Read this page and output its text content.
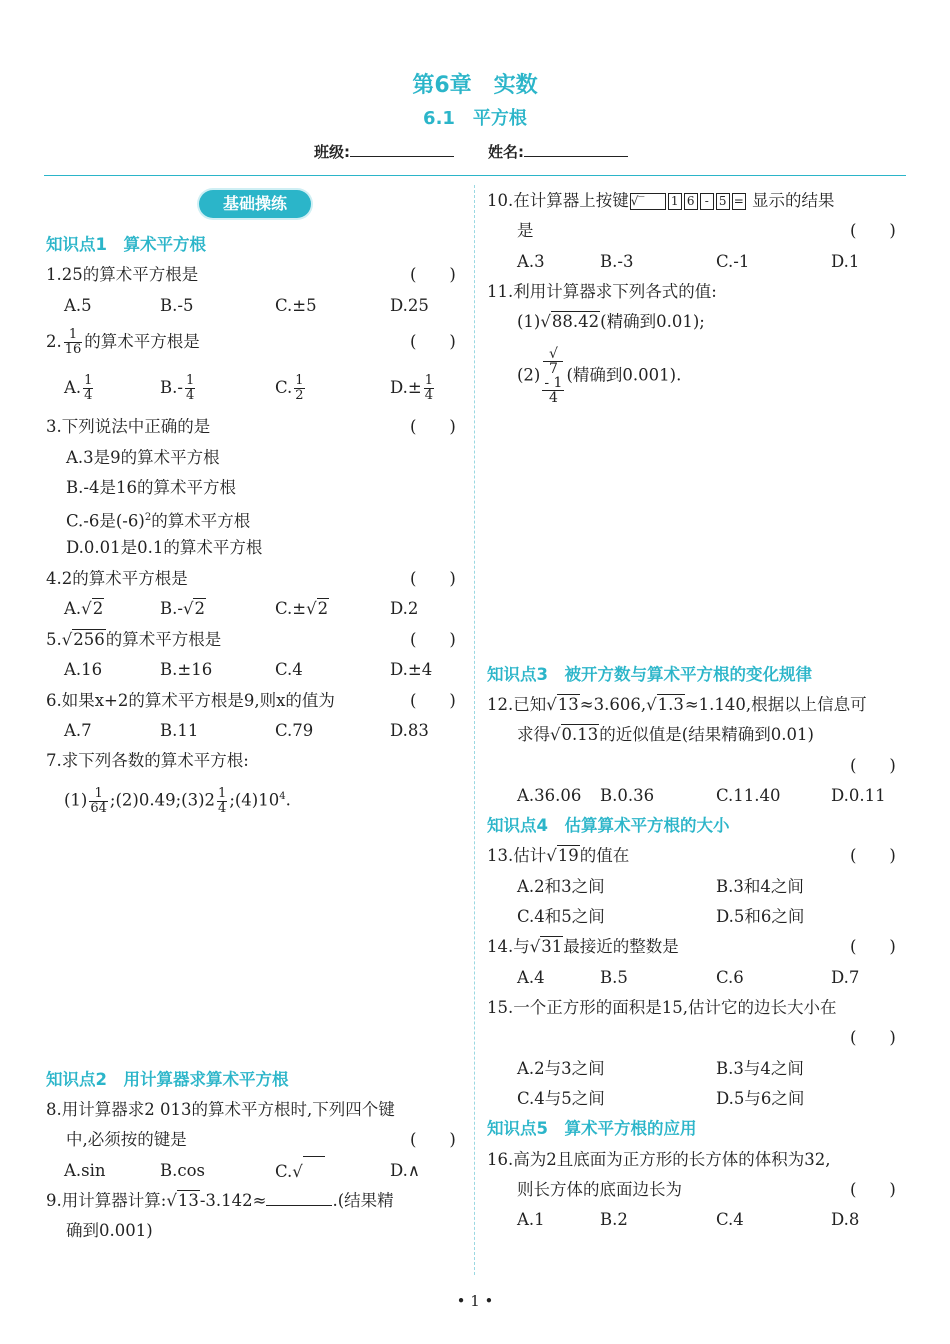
第6章　实数
6.1　平方根
班级:	姓名:
基础操练
知识点1　算术平方根
1.25的算术平方根是	(　　)
A.5	B.-5	C.±5	D.25
2. $\frac{1}{16}$ 的算术平方根是	(　　)
A. $\frac{1}{4}$	$B.- \frac{1}{4}$	C. $\frac{1}{2}$	$D.\pm \frac{1}{4}$
3.下列说法中正确的是	(　　)
A.3是9的算术平方根
B.-4是16的算术平方根
C.-6是$(-6)^2$的算术平方根
D.0.01是0.1的算术平方根
4.2的算术平方根是	(　　)
A.√2	B.-√2	C.±√2	D.2
5.√256的算术平方根是	(　　)
A.16	B.±16	C.4	D.±4
6.如果x+2的算术平方根是9,则x的值为	(　　)
A.7	B.11	C.79	D.83
7.求下列各数的算术平方根:
$(1) \frac{1}{64}$ ;(2)0.49;(3)2 $\frac{1}{4}$ $;(4)10^4$.
知识点2　用计算器求算术平方根
8.用计算器求2 013的算术平方根时,下列四个键
中,必须按的键是	(　　)
A.sin	B.cos	C.√	D.∧
9.用计算器计算:√13-3.142≈	.(结果精
确到0.001)
10.在计算器上按键 √‾ 1 6 - 5 = 显示的结果
是	(　　)
A.3	B.-3	C.-1	D.1
11.利用计算器求下列各式的值:
(1)√88.42(精确到0.01);
(2) √
7
- 1
4 (精确到0.001).
知识点3　被开方数与算术平方根的变化规律
12.已知√13≈3.606,√1.3≈1.140,根据以上信息可
求得√0.13的近似值是(结果精确到0.01)
(　　)
A.36.06 B.0.36	C.11.40	D.0.11
知识点4　估算算术平方根的大小
13.估计√19的值在	(　　)
A.2和3之间	B.3和4之间
C.4和5之间	D.5和6之间
14.与√31最接近的整数是	(　　)
A.4	B.5	C.6	D.7
15.一个正方形的面积是15,估计它的边长大小在
(　　)
A.2与3之间	B.3与4之间
C.4与5之间	D.5与6之间
知识点5　算术平方根的应用
16.高为2且底面为正方形的长方体的体积为32,
则长方体的底面边长为	(　　)
A.1	B.2	C.4	D.8
• 1 •
